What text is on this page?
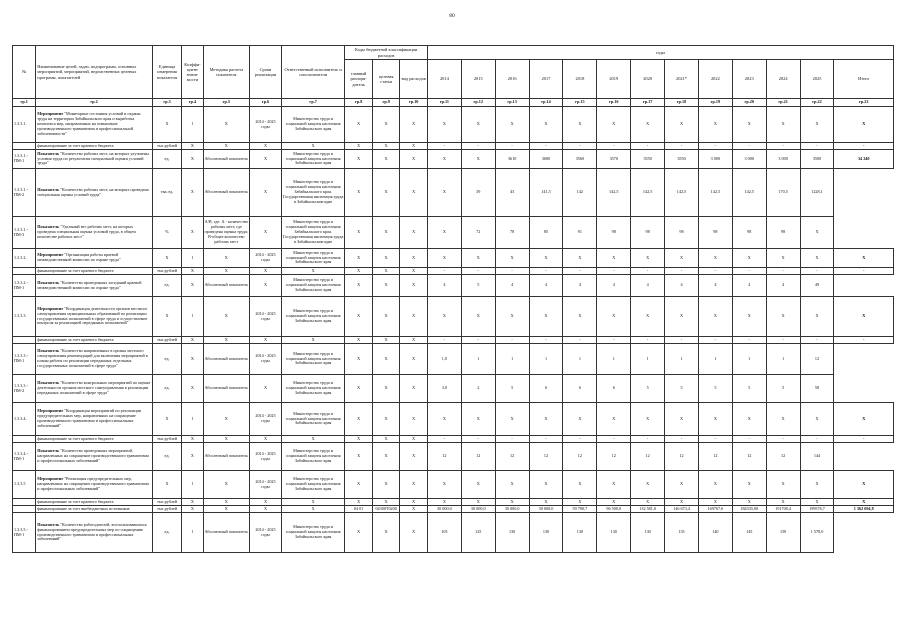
80
№	Наименование целей, задач, подпрограмм, основных мероприятий, мероприятий, ведомственных целевых программ, показателей	Единица измерения показателя	Коэффи-циент значи-мости	Методика расчета показателя	Сроки реализации	Ответственный исполнитель и соисполнители	Коды бюджетной классификации расходов			годы												
							главный распоря-дитель	целевая статья	вид расходов	2014	2015	2016	2017	2018	2019	2020	2021*	2022	2023	2024	2025	Итого
гр.1	гр.2	гр.3	гр.4	гр.5	гр.6	гр.7	гр.8	гр.9	гр.10	гр.11	гр.12	гр.13	гр.14	гр.15	гр.16	гр.17	гр.18	гр.19	гр.20	гр.21	гр.22	гр.23
1.3.3.1.	Мероприятие "Мониторинг состояния условий и охраны труда на территории Забайкальского края и выработка комплекса мер, направленных на повышение производственного травматизма и профессиональной заболеваемости"	X	1	X	2014 - 2025 годы	Министерство труда и социальной защиты населения Забайкальского края	X	X	X	X	X	X	X	X	X	X	X	X	X	X	X	X
	финансирование за счет краевого бюджета	тыс.рублей	X	X	X	X	X	X	X	-	-	-	-	-	-	-	-	-	-	-	-	-
1.3.3.1.- ПМ-1	Показатель "Количество рабочих мест, на которых улучшены условия труда по результатам специальной оценки условий труда"	ед.	X	Абсолютный показатель	X	Министерство труда и социальной защиты населения Забайкальского края	X	X	X	X	X	3610	3680	3560	3570	3550	3550	3 000	3 000	3 000	3500	34 240
1.3.3.1.- ПМ-2	Показатель "Количество рабочих мест, на которых проведена специальная оценка условий труда"	тыс.ед.	X	Абсолютный показатель	X	Министерство труда и социальной защиты населения Забайкальского края. Государственная инспекция труда в Забайкальском крае	X	X	X	X	39	43	141,5	142	142,5	142,5	142,5	142,5	142,5	170,5	1228,1	
1.3.3.1.- ПМ-3	Показатель "Удельный вес рабочих мест, на которых проведена специальная оценка условий труда, в общем количестве рабочих мест"	%	X	А/В, где: А - количество рабочих мест, где проведена оценка труда; В-общее количество рабочих мест	X	Министерство труда и социальной защиты населения Забайкальского края. Государственная инспекция труда в Забайкальском крае	X	X	X	X	72	78	85	91	98	98	98	98	98	98	X	
1.3.3.2.	Мероприятие "Организация работы краевой межведомственной комиссии по охране труда"	X	1	X	2014 - 2025 годы	Министерство труда и социальной защиты населения Забайкальского края	X	X	X	X	X	X	X	X	X	X	X	X	X	X	X	X
	финансирование за счет краевого бюджета	тыс.рублей	X	X	X	X	X	X	X	-	-	-	-	-	-	-	-	-	-	-	-	-
1.3.3.2.- ПМ-1	Показатель "Количество проведенных заседаний краевой межведомственной комиссии по охране труда"	ед.	X	Абсолютный показатель	X	Министерство труда и социальной защиты населения Забайкальского края	X	X	X	4	5	4	4	4	4	4	4	4	4	4	49	
1.3.3.3.	Мероприятие "Координация деятельности органов местного самоуправления муниципальных образований по реализации государственных полномочий в сфере труда и осуществление контроля за реализацией переданных полномочий"	X	1	X	2014 - 2025 годы	Министерство труда и социальной защиты населения Забайкальского края	X	X	X	X	X	X	X	X	X	X	X	X	X	X	X	X
	финансирование за счет краевого бюджета	тыс.рублей	X	X	X	X	X	X	X	-	-	-	-	-	-	-	-	-	-	-	-	-
1.3.3.3.- ПМ-1	Показатель "Количество направленных в органы местного самоуправления рекомендаций для включения мероприятий в планы работы по реализации переданных отдельных государственных полномочий в сфере труда"	ед.	X	Абсолютный показатель	2014 - 2025 годы	Министерство труда и социальной защиты населения Забайкальского края	X	X	X	1,0	1	1	1	1	1	1	1	1	1	1	12	
1.3.3.3.- ПМ-2	Показатель "Количество контрольных мероприятий по оценке деятельности органов местного самоуправления в реализации переданных полномочий в сфере труда"	ед.	X	Абсолютный показатель	X	Министерство труда и социальной защиты населения Забайкальского края	X	X	X	3,0	2	5	6	6	6	5	5	5	5	5	58	
1.3.3.4.	Мероприятие "Координация мероприятий по реализации предупредительных мер, направленных на сокращение производственного травматизма и профессиональных заболеваний"	X	1	X	2014 - 2025 годы	Министерство труда и социальной защиты населения Забайкальского края	X	X	X	X	X	X	X	X	X	X	X	X	X	X	X	X
	финансирование за счет краевого бюджета	тыс.рублей	X	X	X	X	X	X	X	-	-	-	-	-	-	-	-	-	-	-	-	-
1.3.3.4.- ПМ-1	Показатель "Количество проведенных мероприятий, направленных на сокращение производственного травматизма и профессиональных заболеваний"	ед.	X	Абсолютный показатель	2014 - 2025 годы	Министерство труда и социальной защиты населения Забайкальского края	X	X	X	12	12	12	12	12	12	12	12	12	12	12	144	
1.3.3.5	Мероприятие "Реализация предупредительных мер, направленных на сокращение производственного травматизма и профессиональных заболеваний"	X	1	X	2014 - 2025 годы	Министерство труда и социальной защиты населения Забайкальского края	X	X	X	X	X	X	X	X	X	X	X	X	X	X	X	X
	финансирование за счет краевого бюджета	тыс.рублей	X	X	X	X	X	X	X	X	X	X	X	X	X	X	X	X	X	X	X	X
	финансирование за счет внебюджетных источников	тыс.рублей	X	X	X	X	04 01	04300Т0200	X	30 000,0	30 000,0	30 000,0	30 000,0	59 780,7	96 500,0	132 581,0	146 673,4	169767,6	184335,00	191700,4	199576,7	1 362 694,8
1.3.3.5.- ПМ-1	Показатель "Количество работодателей, воспользовавшихся финансированием предупредительных мер по сокращению производственного травматизма и профессиональных заболеваний"	ед.	1	Абсолютный показатель	2014 - 2025 годы	Министерство труда и социальной защиты населения Забайкальского края	X	X	X	103	125	130	130	130	130	130	135	140	145	150	1 578,0	
